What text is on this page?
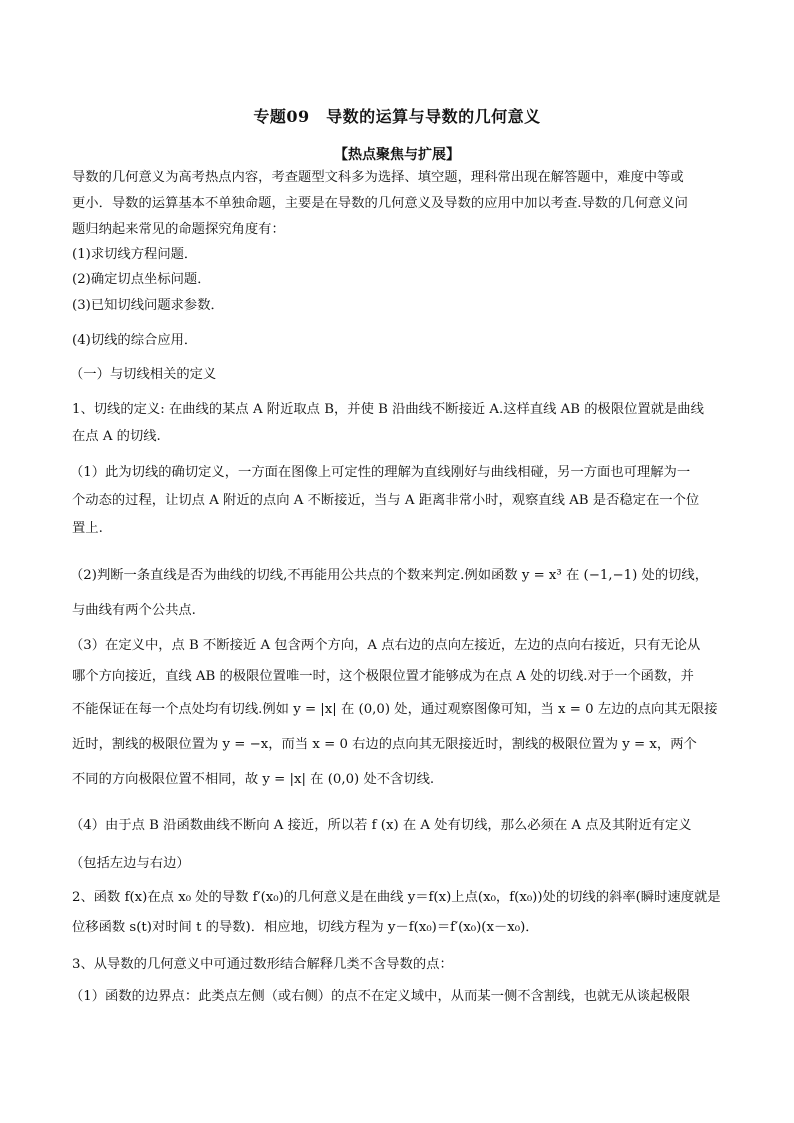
专题09　导数的运算与导数的几何意义
【热点聚焦与扩展】
导数的几何意义为高考热点内容，考查题型文科多为选择、填空题，理科常出现在解答题中，难度中等或
更小．导数的运算基本不单独命题，主要是在导数的几何意义及导数的应用中加以考查.导数的几何意义问
题归纳起来常见的命题探究角度有：
(1)求切线方程问题．
(2)确定切点坐标问题．
(3)已知切线问题求参数．
(4)切线的综合应用．
（一）与切线相关的定义
1、切线的定义: 在曲线的某点 A 附近取点 B，并使 B 沿曲线不断接近 A.这样直线 AB 的极限位置就是曲线
在点 A 的切线.
（1）此为切线的确切定义，一方面在图像上可定性的理解为直线刚好与曲线相碰，另一方面也可理解为一
个动态的过程，让切点 A 附近的点向 A 不断接近，当与 A 距离非常小时，观察直线 AB 是否稳定在一个位
置上.
（2)判断一条直线是否为曲线的切线,不再能用公共点的个数来判定.例如函数 y = x³ 在 (−1,−1) 处的切线，
与曲线有两个公共点.
（3）在定义中，点 B 不断接近 A 包含两个方向，A 点右边的点向左接近，左边的点向右接近，只有无论从
哪个方向接近，直线 AB 的极限位置唯一时，这个极限位置才能够成为在点 A 处的切线.对于一个函数，并
不能保证在每一个点处均有切线.例如 y = |x| 在 (0,0) 处，通过观察图像可知，当 x = 0 左边的点向其无限接
近时，割线的极限位置为 y = −x，而当 x = 0 右边的点向其无限接近时，割线的极限位置为 y = x，两个
不同的方向极限位置不相同，故 y = |x| 在 (0,0) 处不含切线.
（4）由于点 B 沿函数曲线不断向 A 接近，所以若 f (x) 在 A 处有切线，那么必须在 A 点及其附近有定义
（包括左边与右边）
2、函数 f(x)在点 x₀ 处的导数 f′(x₀)的几何意义是在曲线 y＝f(x)上点(x₀，f(x₀))处的切线的斜率(瞬时速度就是
位移函数 s(t)对时间 t 的导数)．相应地，切线方程为 y－f(x₀)＝f′(x₀)(x－x₀)．
3、从导数的几何意义中可通过数形结合解释几类不含导数的点：
（1）函数的边界点：此类点左侧（或右侧）的点不在定义域中，从而某一侧不含割线，也就无从谈起极限
